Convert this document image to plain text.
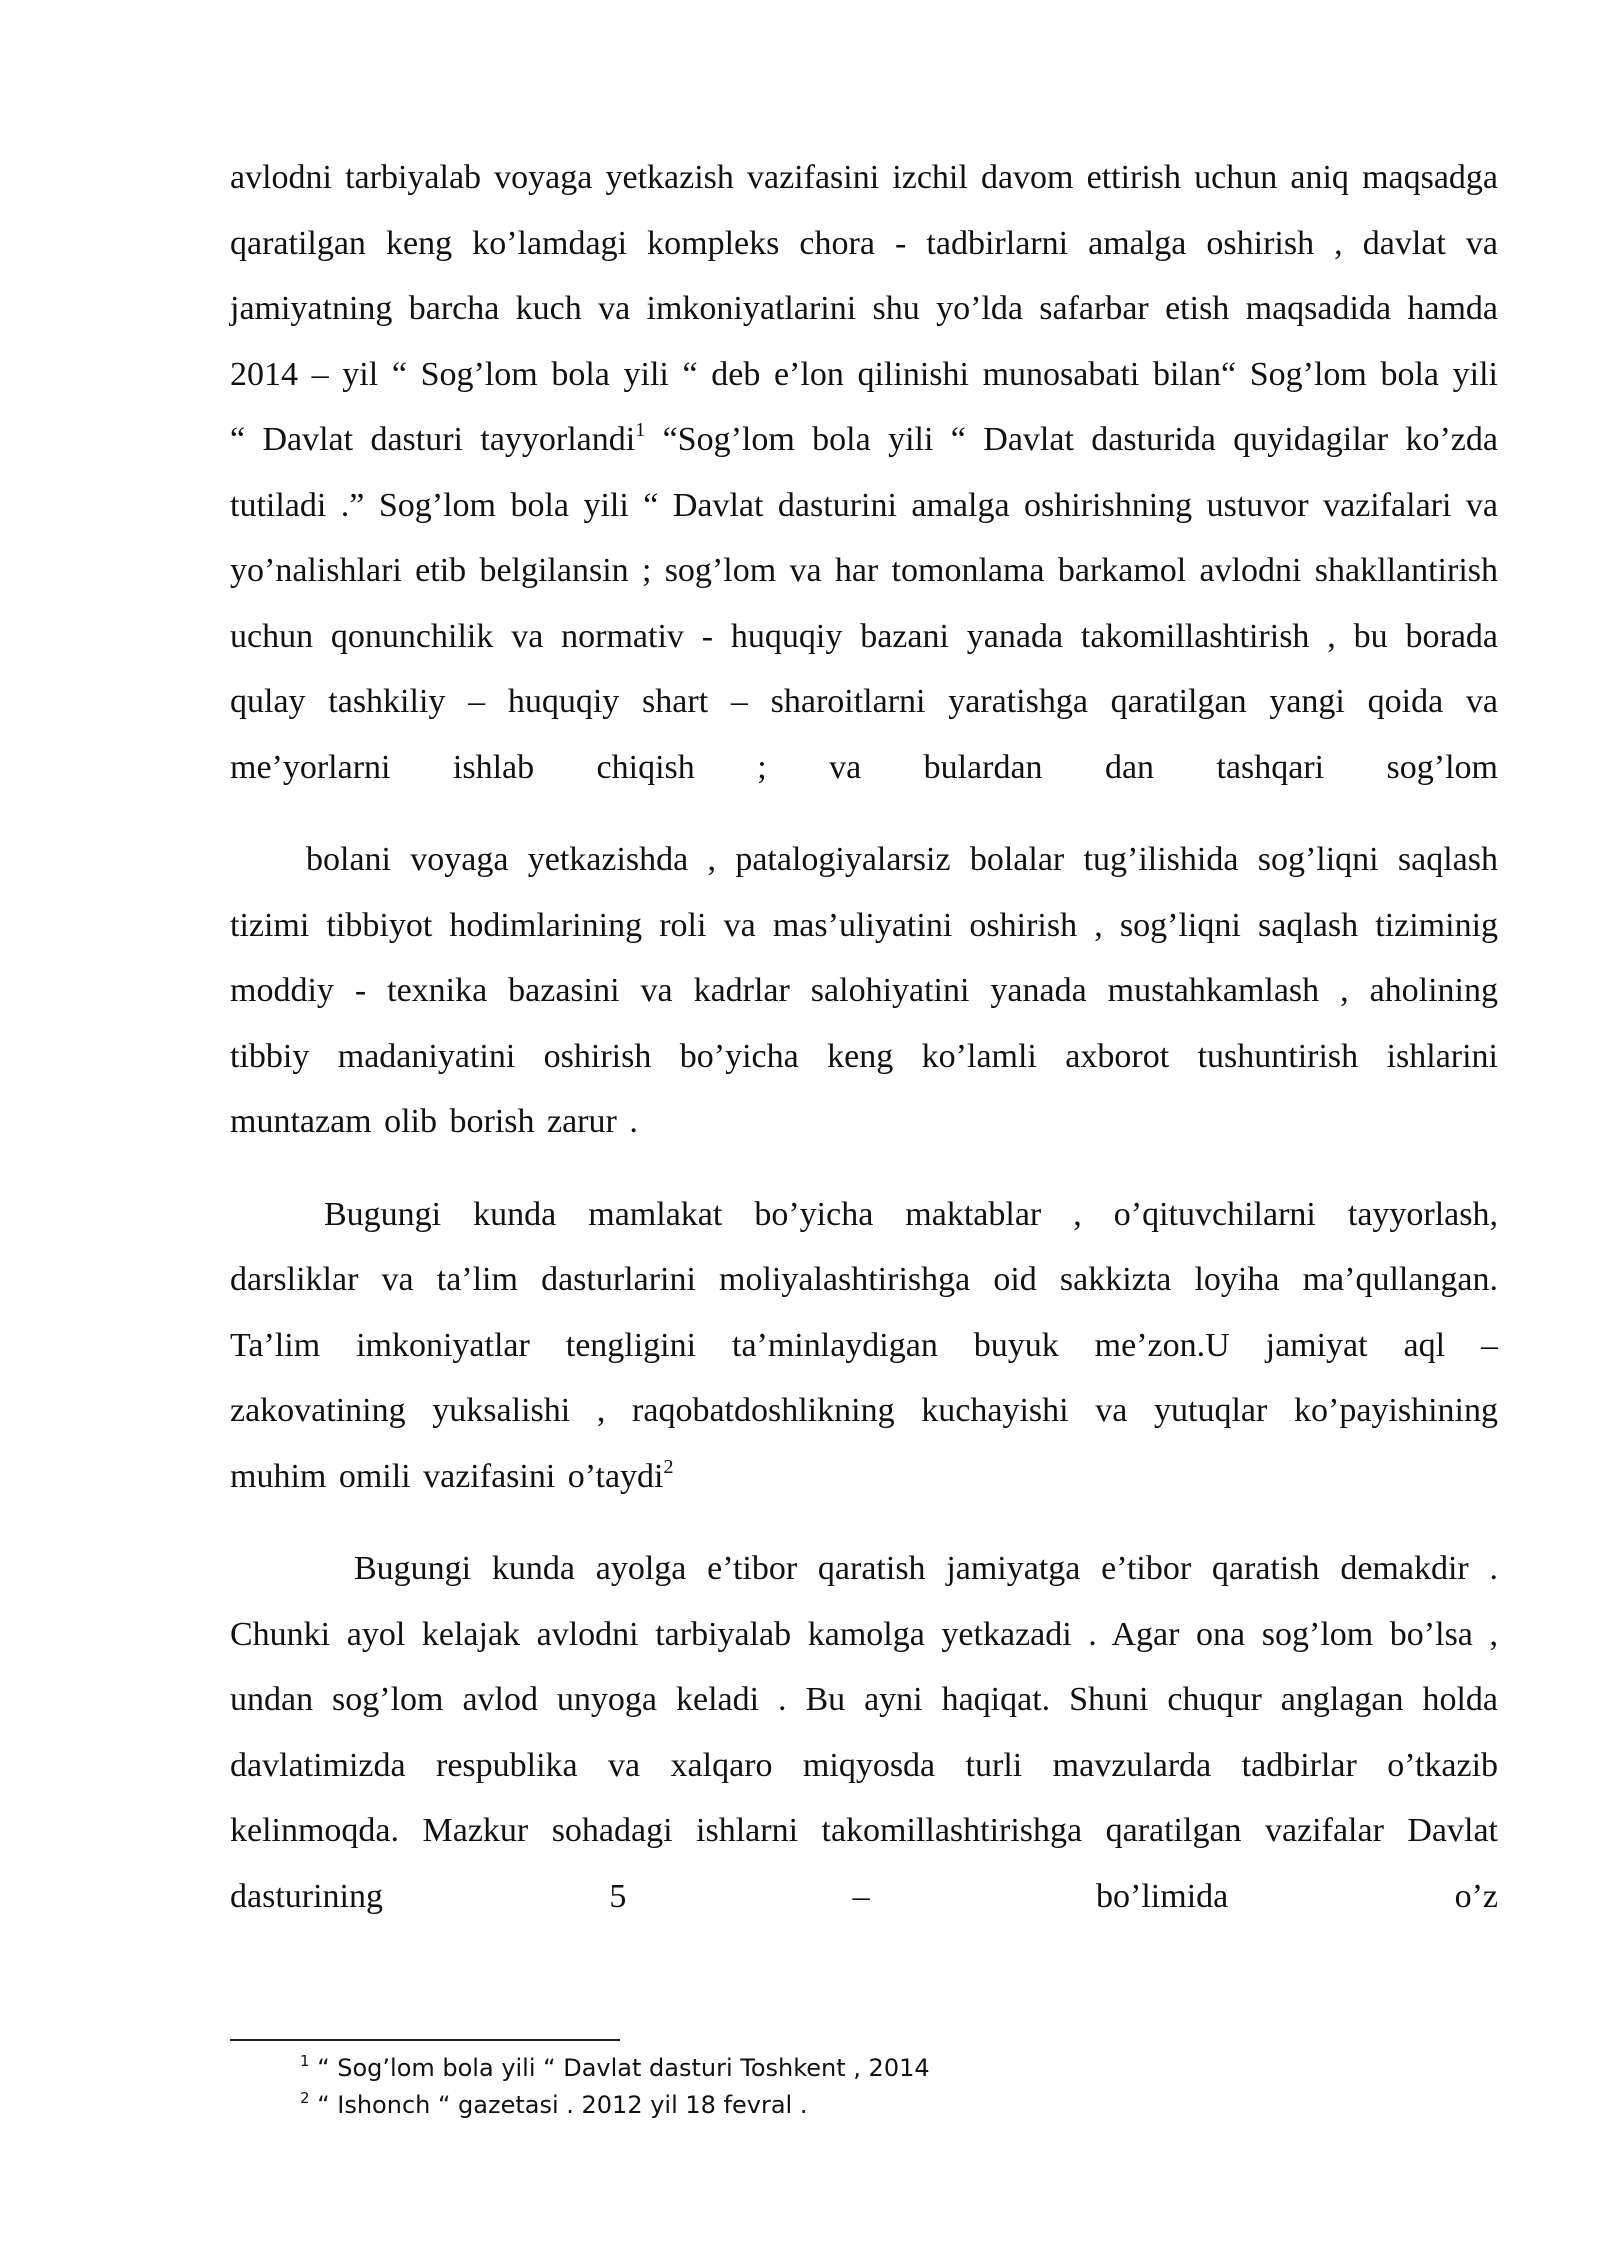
avlodni tarbiyalab voyaga yetkazish vazifasini izchil davom ettirish uchun aniq maqsadga qaratilgan keng ko’lamdagi kompleks chora - tadbirlarni amalga oshirish , davlat va jamiyatning barcha kuch va imkoniyatlarini shu yo’lda safarbar etish maqsadida hamda 2014 – yil “ Sog’lom bola yili “ deb e’lon qilinishi munosabati bilan“ Sog’lom bola yili “ Davlat dasturi tayyorlandi$^1$ “Sog’lom bola yili “ Davlat dasturida quyidagilar ko’zda tutiladi .” Sog’lom bola yili “ Davlat dasturini amalga oshirishning ustuvor vazifalari va yo’nalishlari etib belgilansin ; sog’lom va har tomonlama barkamol avlodni shakllantirish uchun qonunchilik va normativ - huquqiy bazani yanada takomillashtirish , bu borada qulay tashkiliy – huquqiy shart – sharoitlarni yaratishga qaratilgan yangi qoida va me’yorlarni ishlab chiqish ; va bulardan dan tashqari sog’lom

bolani voyaga yetkazishda , patalogiyalarsiz bolalar tug’ilishida sog’liqni saqlash tizimi tibbiyot hodimlarining roli va mas’uliyatini oshirish , sog’liqni saqlash tiziminig moddiy - texnika bazasini va kadrlar salohiyatini yanada mustahkamlash , aholining tibbiy madaniyatini oshirish bo’yicha keng ko’lamli axborot tushuntirish ishlarini muntazam olib borish zarur .

Bugungi kunda mamlakat bo’yicha maktablar , o’qituvchilarni tayyorlash, darsliklar va ta’lim dasturlarini moliyalashtirishga oid sakkizta loyiha ma’qullangan. Ta’lim imkoniyatlar tengligini ta’minlaydigan buyuk me’zon.U jamiyat aql – zakovatining yuksalishi , raqobatdoshlikning kuchayishi va yutuqlar ko’payishining muhim omili vazifasini o’taydi$^2$

Bugungi kunda ayolga e’tibor qaratish jamiyatga e’tibor qaratish demakdir . Chunki ayol kelajak avlodni tarbiyalab kamolga yetkazadi . Agar ona sog’lom bo’lsa , undan sog’lom avlod unyoga keladi . Bu ayni haqiqat. Shuni chuqur anglagan holda davlatimizda respublika va xalqaro miqyosda turli mavzularda tadbirlar o’tkazib kelinmoqda. Mazkur sohadagi ishlarni takomillashtirishga qaratilgan vazifalar Davlat dasturining 5 – bo’limida o’z

$^1$ “ Sog’lom bola yili “ Davlat dasturi Toshkent , 2014

$^2$ “ Ishonch “ gazetasi . 2012 yil 18 fevral .
